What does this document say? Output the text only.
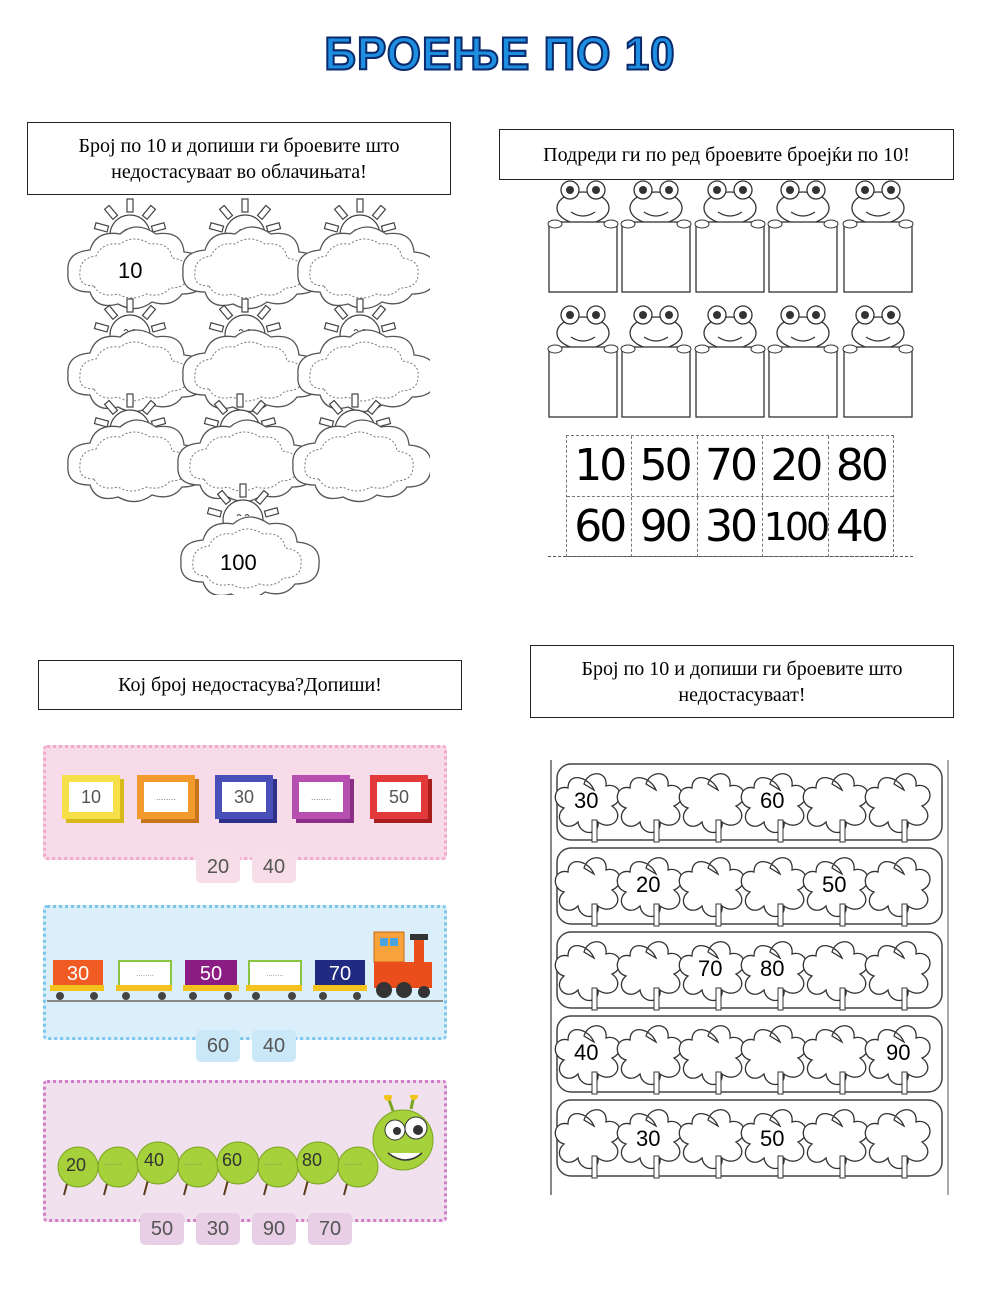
БРОЕЊЕ ПО 10
Број по 10 и допиши ги броевите што недостасуваат во облачињата!
10
100
Подреди ги по ред броевите броејќи по 10!
10 50 70 20 80
60 90 30 100 40
Кој број недостасува?Допиши!
10	........	30	........	50
20	40
30	........	50	........	70
60	40
20 ........ 40 ........ 60	........ 80	........
50	30	90	70
Број по 10 и допиши ги броевите што недостасуваат!
30	60
20	50
70 80
40	90
30	50
